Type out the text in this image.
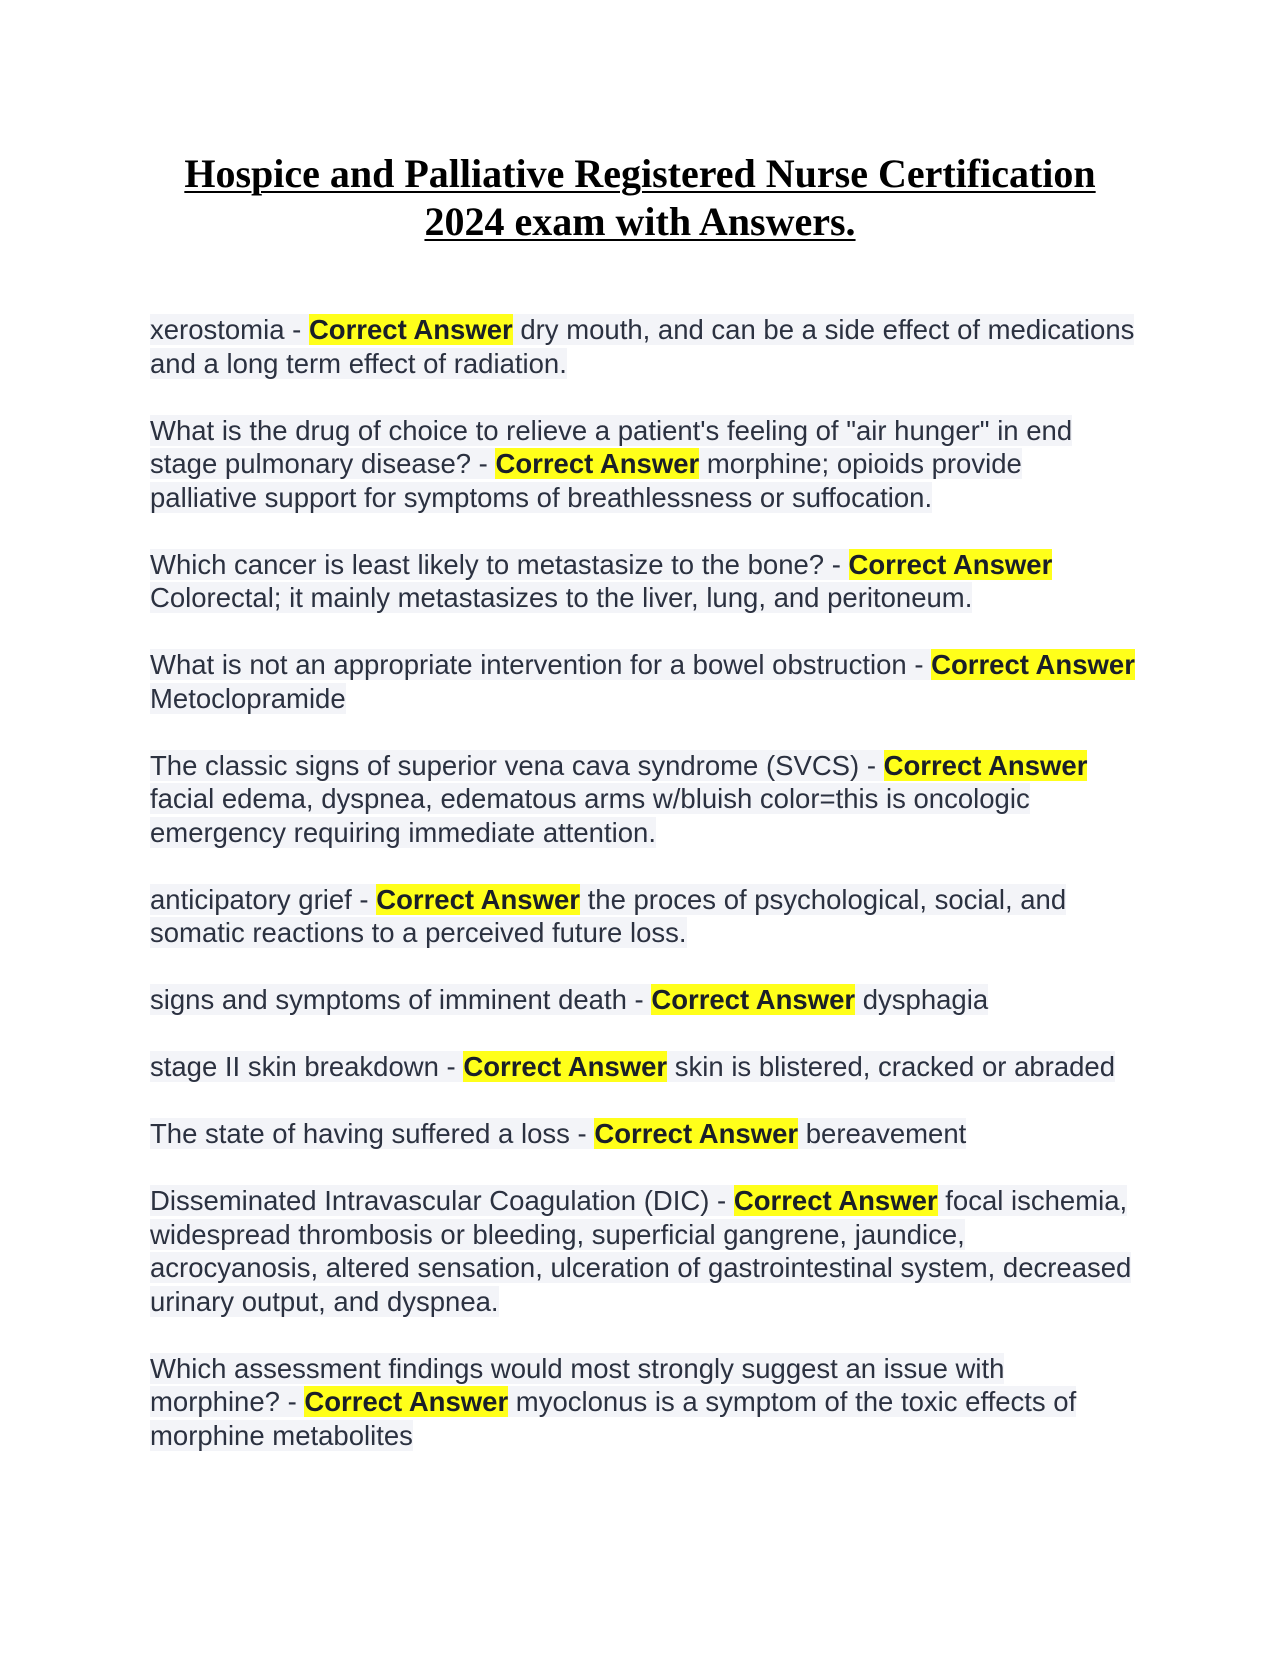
Hospice and Palliative Registered Nurse Certification 2024 exam with Answers.

xerostomia - Correct Answer dry mouth, and can be a side effect of medications and a long term effect of radiation.

What is the drug of choice to relieve a patient's feeling of "air hunger" in end stage pulmonary disease? - Correct Answer morphine; opioids provide palliative support for symptoms of breathlessness or suffocation.

Which cancer is least likely to metastasize to the bone? - Correct Answer Colorectal; it mainly metastasizes to the liver, lung, and peritoneum.

What is not an appropriate intervention for a bowel obstruction - Correct Answer Metoclopramide

The classic signs of superior vena cava syndrome (SVCS) - Correct Answer facial edema, dyspnea, edematous arms w/bluish color=this is oncologic emergency requiring immediate attention.

anticipatory grief - Correct Answer the proces of psychological, social, and somatic reactions to a perceived future loss.

signs and symptoms of imminent death - Correct Answer dysphagia

stage II skin breakdown - Correct Answer skin is blistered, cracked or abraded

The state of having suffered a loss - Correct Answer bereavement

Disseminated Intravascular Coagulation (DIC) - Correct Answer focal ischemia, widespread thrombosis or bleeding, superficial gangrene, jaundice, acrocyanosis, altered sensation, ulceration of gastrointestinal system, decreased urinary output, and dyspnea.

Which assessment findings would most strongly suggest an issue with morphine? - Correct Answer myoclonus is a symptom of the toxic effects of morphine metabolites
